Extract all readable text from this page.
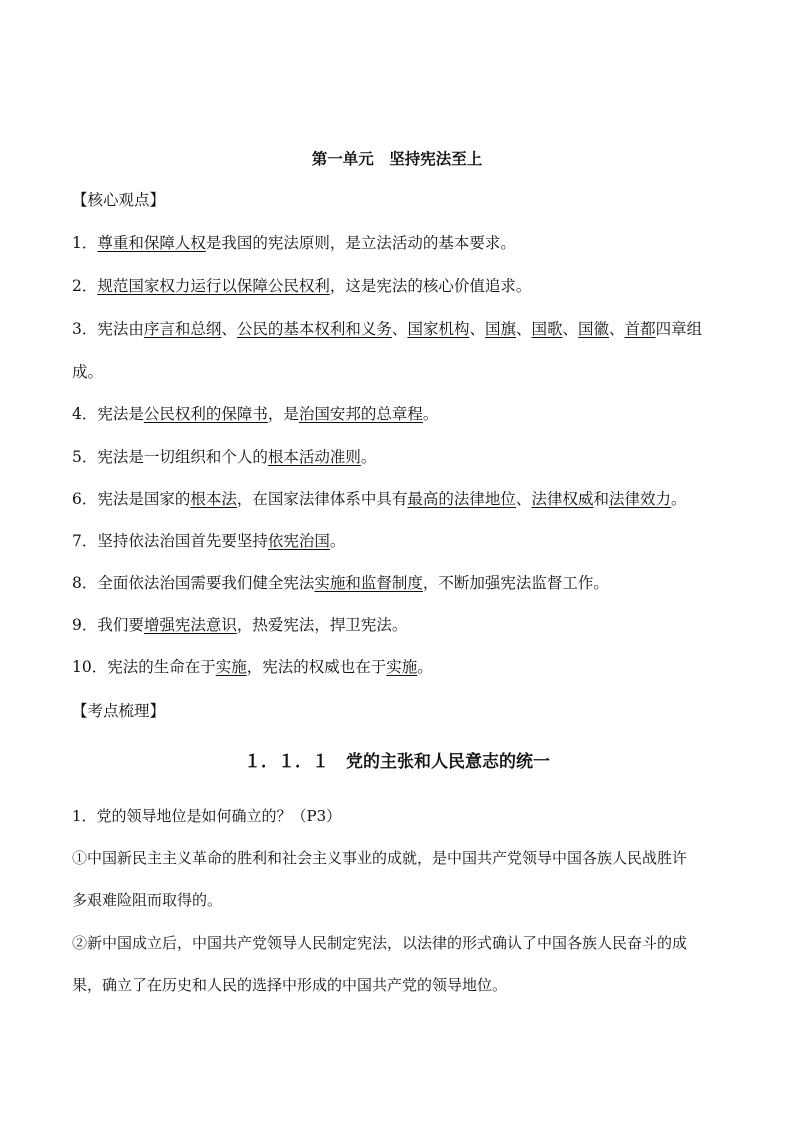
第一单元　坚持宪法至上
【核心观点】
1．尊重和保障人权是我国的宪法原则，是立法活动的基本要求。
2．规范国家权力运行以保障公民权利，这是宪法的核心价值追求。
3．宪法由序言和总纲、公民的基本权利和义务、国家机构、国旗、国歌、国徽、首都四章组
成。
4．宪法是公民权利的保障书，是治国安邦的总章程。
5．宪法是一切组织和个人的根本活动准则。
6．宪法是国家的根本法，在国家法律体系中具有最高的法律地位、法律权威和法律效力。
7．坚持依法治国首先要坚持依宪治国。
8．全面依法治国需要我们健全宪法实施和监督制度，不断加强宪法监督工作。
9．我们要增强宪法意识，热爱宪法，捍卫宪法。
10．宪法的生命在于实施，宪法的权威也在于实施。
【考点梳理】
１．１．１　党的主张和人民意志的统一
1．党的领导地位是如何确立的？（P3）
①中国新民主主义革命的胜利和社会主义事业的成就，是中国共产党领导中国各族人民战胜许
多艰难险阻而取得的。
②新中国成立后，中国共产党领导人民制定宪法，以法律的形式确认了中国各族人民奋斗的成
果，确立了在历史和人民的选择中形成的中国共产党的领导地位。
